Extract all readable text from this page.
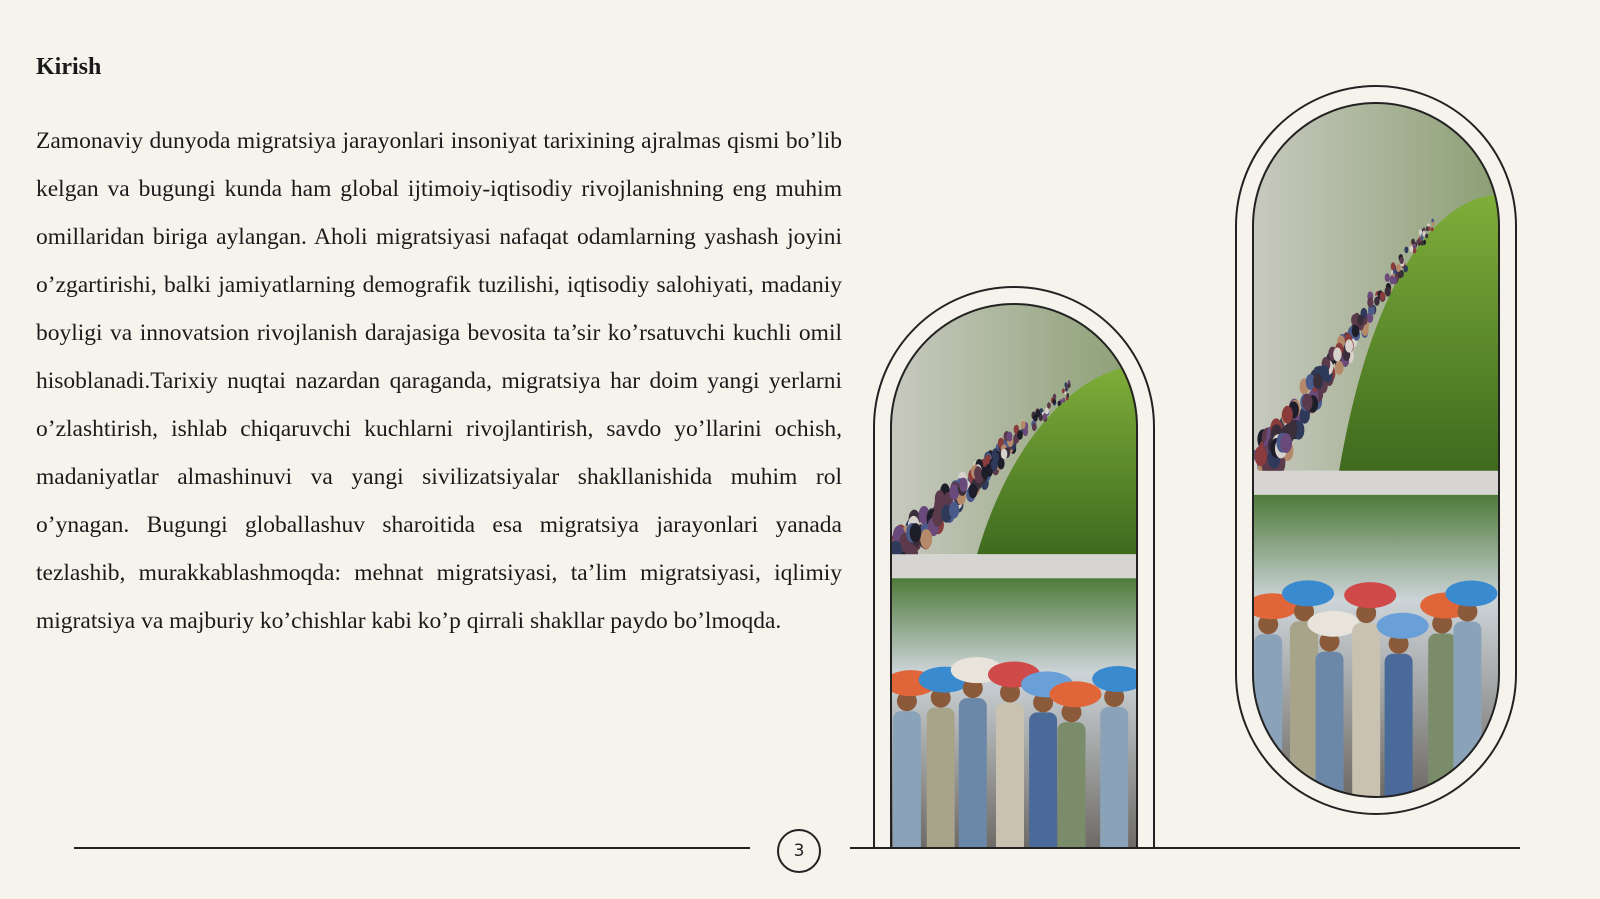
Kirish

Zamonaviy dunyoda migratsiya jarayonlari insoniyat tarixining ajralmas qismi bo’lib kelgan va bugungi kunda ham global ijtimoiy-iqtisodiy rivojlanishning eng muhim omillaridan biriga aylangan. Aholi migratsiyasi nafaqat odamlarning yashash joyini o’zgartirishi, balki jamiyatlarning demografik tuzilishi, iqtisodiy salohiyati, madaniy boyligi va innovatsion rivojlanish darajasiga bevosita ta’sir ko’rsatuvchi kuchli omil hisoblanadi.Tarixiy nuqtai nazardan qaraganda, migratsiya har doim yangi yerlarni o’zlashtirish, ishlab chiqaruvchi kuchlarni rivojlantirish, savdo yo’llarini ochish, madaniyatlar almashinuvi va yangi sivilizatsiyalar shakllanishida muhim rol o’ynagan. Bugungi globallashuv sharoitida esa migratsiya jarayonlari yanada tezlashib, murakkablashmoqda: mehnat migratsiyasi, ta’lim migratsiyasi, iqlimiy migratsiya va majburiy ko’chishlar kabi ko’p qirrali shakllar paydo bo’lmoqda.

3
